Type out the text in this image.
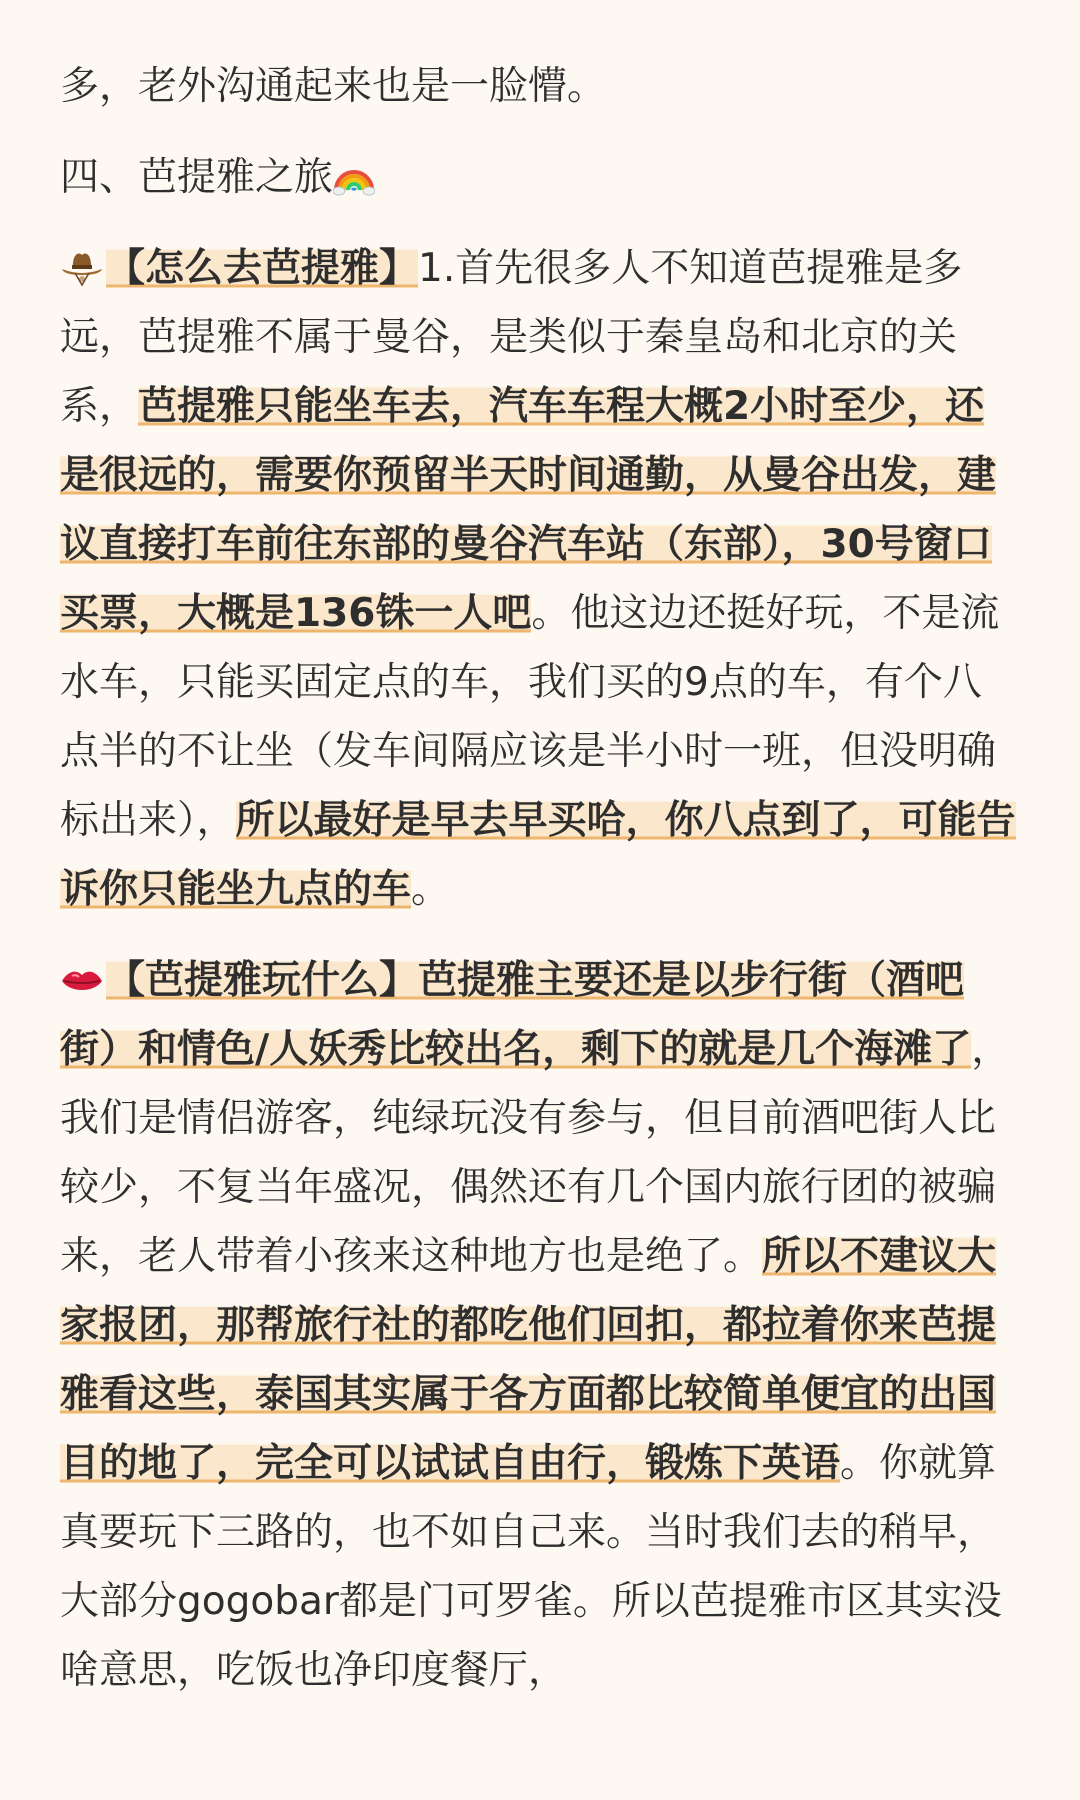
多，老外沟通起来也是一脸懵。

四、芭提雅之旅

【怎么去芭提雅】1.首先很多人不知道芭提雅是多远，芭提雅不属于曼谷，是类似于秦皇岛和北京的关系，芭提雅只能坐车去，汽车车程大概2小时至少，还是很远的，需要你预留半天时间通勤，从曼谷出发，建议直接打车前往东部的曼谷汽车站（东部），30号窗口买票，大概是136铢一人吧。他这边还挺好玩，不是流水车，只能买固定点的车，我们买的9点的车，有个八点半的不让坐（发车间隔应该是半小时一班，但没明确标出来），所以最好是早去早买哈，你八点到了，可能告诉你只能坐九点的车。

【芭提雅玩什么】芭提雅主要还是以步行街（酒吧街）和情色/人妖秀比较出名，剩下的就是几个海滩了，我们是情侣游客，纯绿玩没有参与，但目前酒吧街人比较少，不复当年盛况，偶然还有几个国内旅行团的被骗来，老人带着小孩来这种地方也是绝了。所以不建议大家报团，那帮旅行社的都吃他们回扣，都拉着你来芭提雅看这些，泰国其实属于各方面都比较简单便宜的出国目的地了，完全可以试试自由行，锻炼下英语。你就算真要玩下三路的，也不如自己来。当时我们去的稍早，大部分gogobar都是门可罗雀。所以芭提雅市区其实没啥意思，吃饭也净印度餐厅，
